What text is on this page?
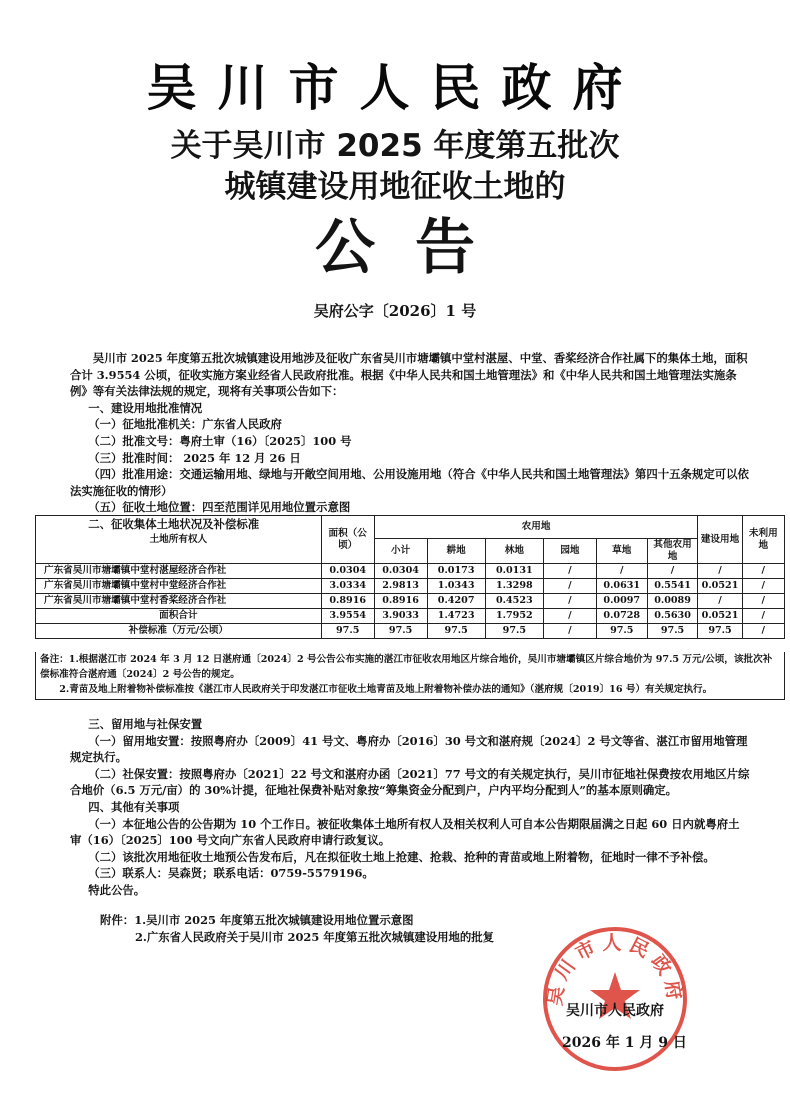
吴川市人民政府
关于吴川市 2025 年度第五批次
城镇建设用地征收土地的
公告
吴府公字〔2026〕1 号

吴川市 2025 年度第五批次城镇建设用地涉及征收广东省吴川市塘壩镇中堂村湛屋、中堂、香桨经济合作社属下的集体土地，面积合计 3.9554 公顷，征收实施方案业经省人民政府批准。根据《中华人民共和国土地管理法》和《中华人民共和国土地管理法实施条例》等有关法律法规的规定，现将有关事项公告如下：

一、建设用地批准情况

（一）征地批准机关：广东省人民政府

（二）批准文号：粤府土审（16）〔2025〕100 号

（三）批准时间： 2025 年 12 月 26 日

（四）批准用途：交通运输用地、绿地与开敞空间用地、公用设施用地（符合《中华人民共和国土地管理法》第四十五条规定可以依法实施征收的情形）

（五）征收土地位置：四至范围详见用地位置示意图

二、征收集体土地状况及补偿标准

土地所有权人	面积（公顷）	农用地						建设用地	未利用地
		小计	耕地	林地	园地	草地	其他农用地		
广东省吴川市塘壩镇中堂村湛屋经济合作社	0.0304	0.0304	0.0173	0.0131	/	/	/	/	/
广东省吴川市塘壩镇中堂村中堂经济合作社	3.0334	2.9813	1.0343	1.3298	/	0.0631	0.5541	0.0521	/
广东省吴川市塘壩镇中堂村香桨经济合作社	0.8916	0.8916	0.4207	0.4523	/	0.0097	0.0089	/	/
面积合计	3.9554	3.9033	1.4723	1.7952	/	0.0728	0.5630	0.0521	/
补偿标准（万元/公顷）	97.5	97.5	97.5	97.5	/	97.5	97.5	97.5	/

备注：1.根据湛江市 2024 年 3 月 12 日湛府通〔2024〕2 号公告公布实施的湛江市征收农用地区片综合地价，吴川市塘壩镇区片综合地价为 97.5 万元/公顷，该批次补偿标准符合湛府通〔2024〕2 号公告的规定。

2.青苗及地上附着物补偿标准按《湛江市人民政府关于印发湛江市征收土地青苗及地上附着物补偿办法的通知》（湛府规〔2019〕16 号）有关规定执行。

三、留用地与社保安置

（一）留用地安置：按照粤府办〔2009〕41 号文、粤府办〔2016〕30 号文和湛府规〔2024〕2 号文等省、湛江市留用地管理规定执行。

（二）社保安置：按照粤府办〔2021〕22 号文和湛府办函〔2021〕77 号文的有关规定执行，吴川市征地社保费按农用地区片综合地价（6.5 万元/亩）的 30%计提，征地社保费补贴对象按“筹集资金分配到户，户内平均分配到人”的基本原则确定。

四、其他有关事项

（一）本征地公告的公告期为 10 个工作日。被征收集体土地所有权人及相关权利人可自本公告期限届满之日起 60 日内就粤府土审（16）〔2025〕100 号文向广东省人民政府申请行政复议。

（二）该批次用地征收土地预公告发布后，凡在拟征收土地上抢建、抢栽、抢种的青苗或地上附着物，征地时一律不予补偿。

（三）联系人：吴森贤；联系电话：0759-5579196。

特此公告。

附件：1.吴川市 2025 年度第五批次城镇建设用地位置示意图

2.广东省人民政府关于吴川市 2025 年度第五批次城镇建设用地的批复

吴川市人民政府
吴川市人民政府
2026 年 1 月 9 日
